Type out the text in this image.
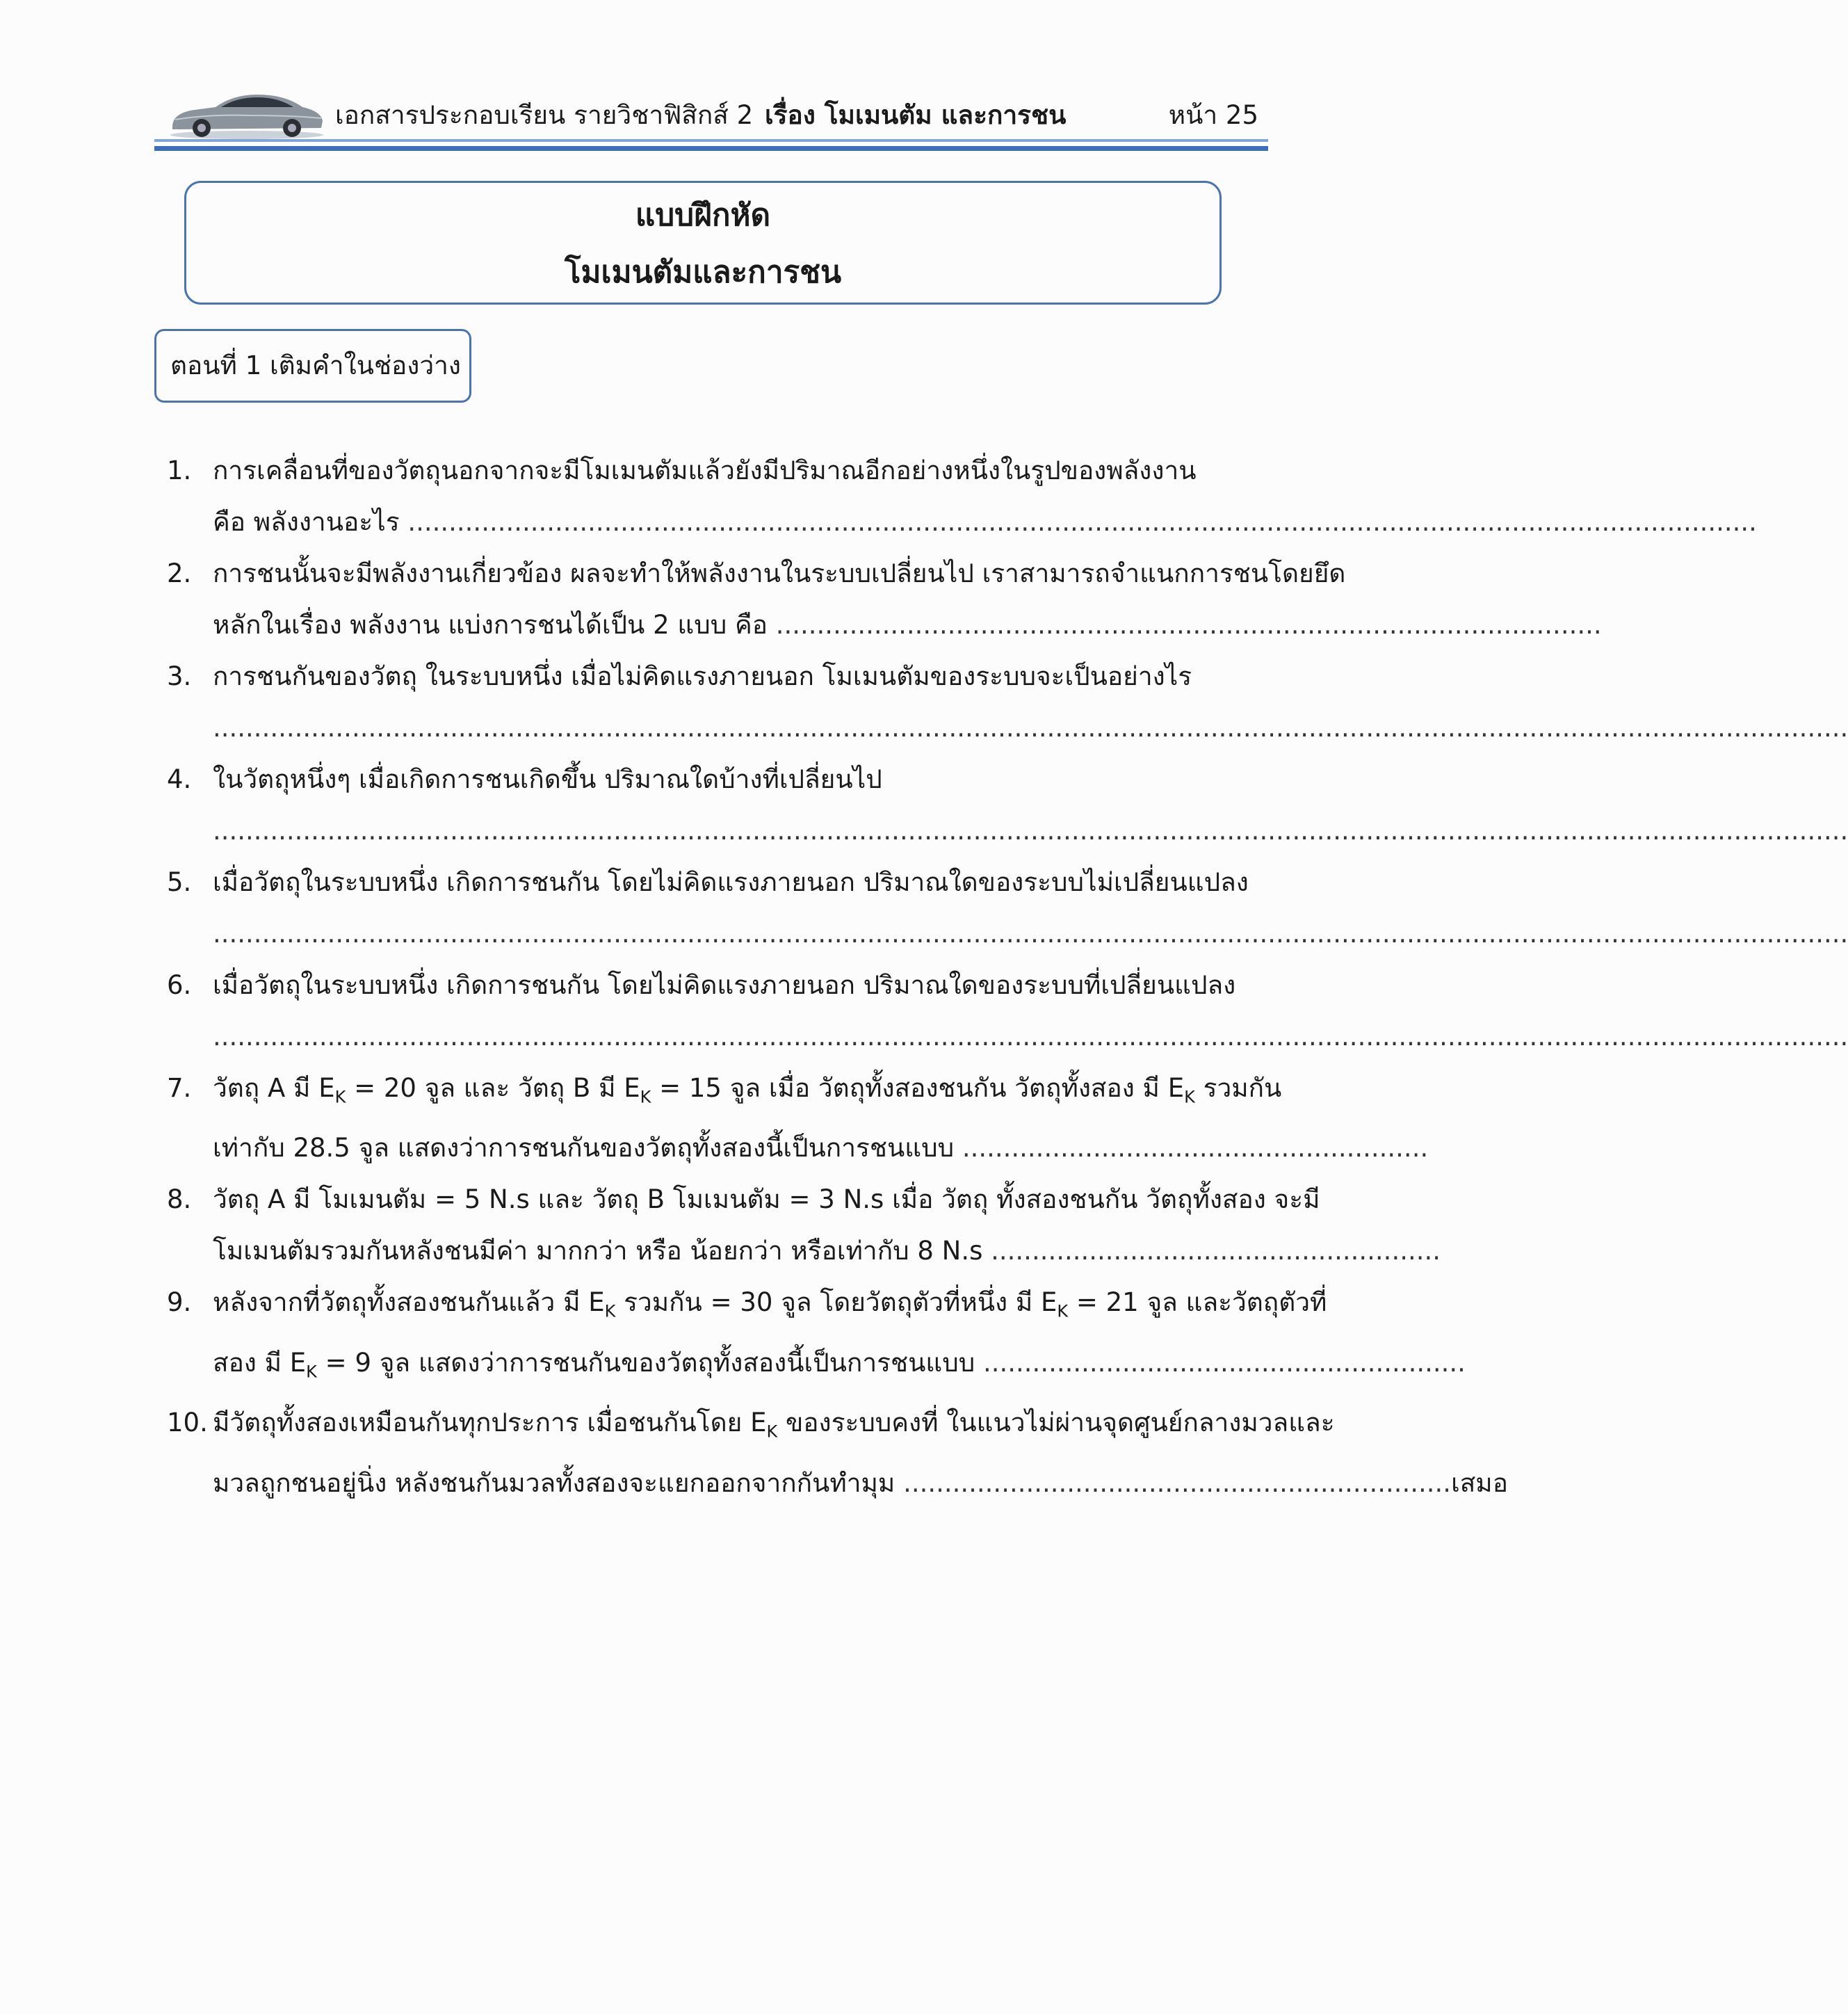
เอกสารประกอบเรียน รายวิชาฟิสิกส์ 2 เรื่อง โมเมนตัม และการชน	หน้า 25
แบบฝึกหัด
โมเมนตัมและการชน
ตอนที่ 1 เติมคำในช่องว่าง
1. การเคลื่อนที่ของวัตถุนอกจากจะมีโมเมนตัมแล้วยังมีปริมาณอีกอย่างหนึ่งในรูปของพลังงาน
คือ พลังงานอะไร .....................................................................................................................................................................
2. การชนนั้นจะมีพลังงานเกี่ยวข้อง ผลจะทำให้พลังงานในระบบเปลี่ยนไป เราสามารถจำแนกการชนโดยยึด
หลักในเรื่อง พลังงาน แบ่งการชนได้เป็น 2 แบบ คือ .....................................................................................................
3. การชนกันของวัตถุ ในระบบหนึ่ง เมื่อไม่คิดแรงภายนอก โมเมนตัมของระบบจะเป็นอย่างไร
........................................................................................................................................................................................................
4. ในวัตถุหนึ่งๆ เมื่อเกิดการชนเกิดขึ้น ปริมาณใดบ้างที่เปลี่ยนไป
........................................................................................................................................................................................................
5. เมื่อวัตถุในระบบหนึ่ง เกิดการชนกัน โดยไม่คิดแรงภายนอก ปริมาณใดของระบบไม่เปลี่ยนแปลง
........................................................................................................................................................................................................
6. เมื่อวัตถุในระบบหนึ่ง เกิดการชนกัน โดยไม่คิดแรงภายนอก ปริมาณใดของระบบที่เปลี่ยนแปลง
........................................................................................................................................................................................................
7. วัตถุ A มี $E_K = 20$ จูล และ วัตถุ B มี $E_K = 15$ จูล เมื่อ วัตถุทั้งสองชนกัน วัตถุทั้งสอง มี $E_K$ รวมกัน
เท่ากับ 28.5 จูล แสดงว่าการชนกันของวัตถุทั้งสองนี้เป็นการชนแบบ .........................................................
8. วัตถุ A มี โมเมนตัม = 5 N.s และ วัตถุ B โมเมนตัม = 3 N.s เมื่อ วัตถุ ทั้งสองชนกัน วัตถุทั้งสอง จะมี
โมเมนตัมรวมกันหลังชนมีค่า มากกว่า หรือ น้อยกว่า หรือเท่ากับ 8 N.s .......................................................
9. หลังจากที่วัตถุทั้งสองชนกันแล้ว มี $E_K$ รวมกัน = 30 จูล โดยวัตถุตัวที่หนึ่ง มี $E_K = 21$ จูล และวัตถุตัวที่
สอง มี $E_K = 9$ จูล แสดงว่าการชนกันของวัตถุทั้งสองนี้เป็นการชนแบบ ...........................................................
10. มีวัตถุทั้งสองเหมือนกันทุกประการ เมื่อชนกันโดย $E_K$ ของระบบคงที่ ในแนวไม่ผ่านจุดศูนย์กลางมวลและ
มวลถูกชนอยู่นิ่ง หลังชนกันมวลทั้งสองจะแยกออกจากกันทำมุม ...................................................................เสมอ
